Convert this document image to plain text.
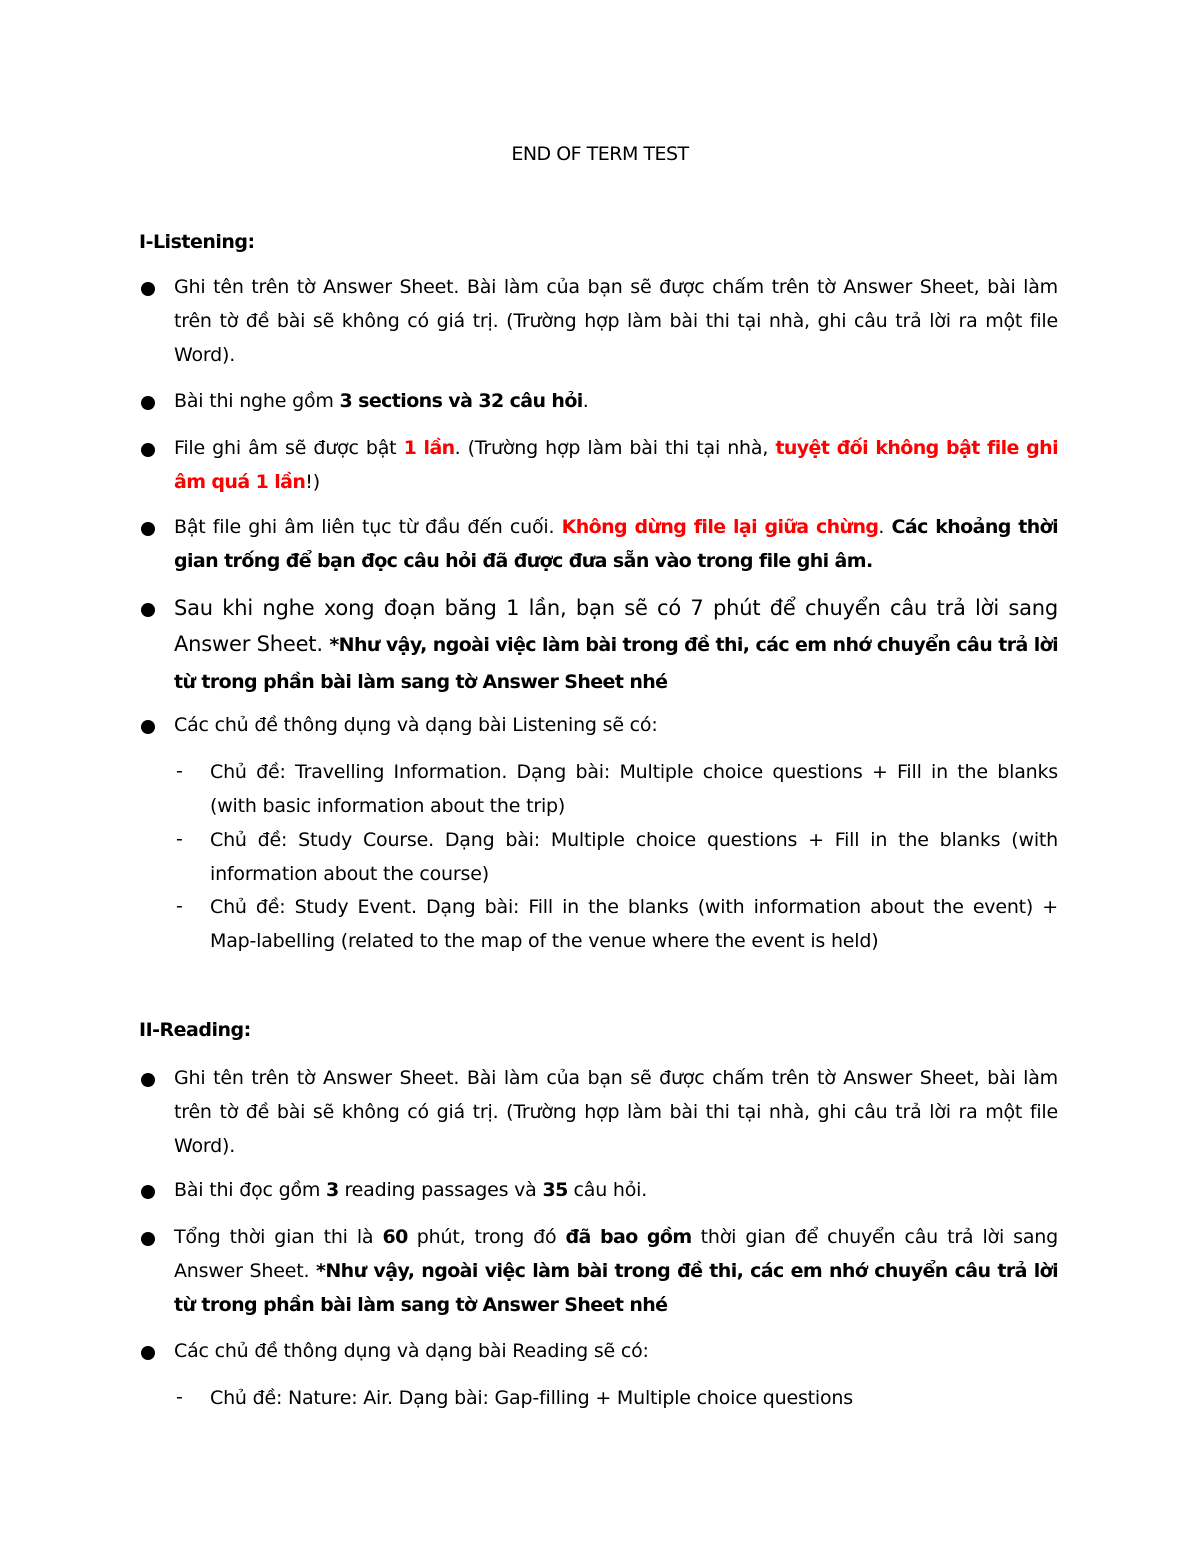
END OF TERM TEST
I-Listening:
Ghi tên trên tờ Answer Sheet. Bài làm của bạn sẽ được chấm trên tờ Answer Sheet, bài làm trên tờ đề bài sẽ không có giá trị. (Trường hợp làm bài thi tại nhà, ghi câu trả lời ra một file Word).
Bài thi nghe gồm 3 sections và 32 câu hỏi.
File ghi âm sẽ được bật 1 lần. (Trường hợp làm bài thi tại nhà, tuyệt đối không bật file ghi âm quá 1 lần!)
Bật file ghi âm liên tục từ đầu đến cuối. Không dừng file lại giữa chừng. Các khoảng thời gian trống để bạn đọc câu hỏi đã được đưa sẵn vào trong file ghi âm.
Sau khi nghe xong đoạn băng 1 lần, bạn sẽ có 7 phút để chuyển câu trả lời sang Answer Sheet. *Như vậy, ngoài việc làm bài trong đề thi, các em nhớ chuyển câu trả lời từ trong phần bài làm sang tờ Answer Sheet nhé
Các chủ đề thông dụng và dạng bài Listening sẽ có:
- Chủ đề: Travelling Information. Dạng bài: Multiple choice questions + Fill in the blanks (with basic information about the trip)
- Chủ đề: Study Course. Dạng bài: Multiple choice questions + Fill in the blanks (with information about the course)
- Chủ đề: Study Event. Dạng bài: Fill in the blanks (with information about the event) + Map-labelling (related to the map of the venue where the event is held)
II-Reading:
Ghi tên trên tờ Answer Sheet. Bài làm của bạn sẽ được chấm trên tờ Answer Sheet, bài làm trên tờ đề bài sẽ không có giá trị. (Trường hợp làm bài thi tại nhà, ghi câu trả lời ra một file Word).
Bài thi đọc gồm 3 reading passages và 35 câu hỏi.
Tổng thời gian thi là 60 phút, trong đó đã bao gồm thời gian để chuyển câu trả lời sang Answer Sheet. *Như vậy, ngoài việc làm bài trong đề thi, các em nhớ chuyển câu trả lời từ trong phần bài làm sang tờ Answer Sheet nhé
Các chủ đề thông dụng và dạng bài Reading sẽ có:
- Chủ đề: Nature: Air. Dạng bài: Gap-filling + Multiple choice questions
